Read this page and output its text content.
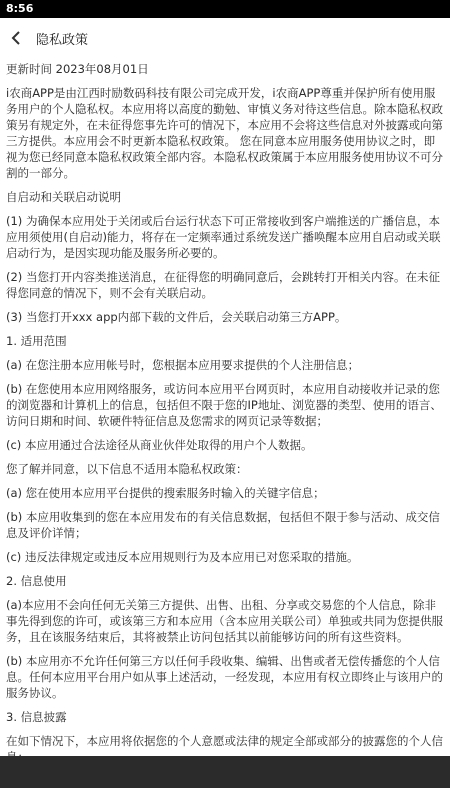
8:56
隐私政策

更新时间 2023年08月01日

i农商APP是由江西时励数码科技有限公司完成开发，i农商APP尊重并保护所有使用服务用户的个人隐私权。本应用将以高度的勤勉、审慎义务对待这些信息。除本隐私权政策另有规定外，在未征得您事先许可的情况下，本应用不会将这些信息对外披露或向第三方提供。本应用会不时更新本隐私权政策。 您在同意本应用服务使用协议之时，即视为您已经同意本隐私权政策全部内容。本隐私权政策属于本应用服务使用协议不可分割的一部分。

自启动和关联启动说明

(1) 为确保本应用处于关闭或后台运行状态下可正常接收到客户端推送的广播信息，本应用须使用(自启动)能力，将存在一定频率通过系统发送广播唤醒本应用自启动或关联启动行为，是因实现功能及服务所必要的。

(2) 当您打开内容类推送消息，在征得您的明确同意后，会跳转打开相关内容。在未征得您同意的情况下，则不会有关联启动。

(3) 当您打开xxx app内部下载的文件后，会关联启动第三方APP。

1. 适用范围

(a) 在您注册本应用帐号时，您根据本应用要求提供的个人注册信息；

(b) 在您使用本应用网络服务，或访问本应用平台网页时，本应用自动接收并记录的您的浏览器和计算机上的信息，包括但不限于您的IP地址、浏览器的类型、使用的语言、访问日期和时间、软硬件特征信息及您需求的网页记录等数据；

(c) 本应用通过合法途径从商业伙伴处取得的用户个人数据。

您了解并同意，以下信息不适用本隐私权政策：

(a) 您在使用本应用平台提供的搜索服务时输入的关键字信息；

(b) 本应用收集到的您在本应用发布的有关信息数据，包括但不限于参与活动、成交信息及评价详情；

(c) 违反法律规定或违反本应用规则行为及本应用已对您采取的措施。

2. 信息使用

(a)本应用不会向任何无关第三方提供、出售、出租、分享或交易您的个人信息，除非事先得到您的许可，或该第三方和本应用（含本应用关联公司）单独或共同为您提供服务，且在该服务结束后，其将被禁止访问包括其以前能够访问的所有这些资料。

(b) 本应用亦不允许任何第三方以任何手段收集、编辑、出售或者无偿传播您的个人信息。任何本应用平台用户如从事上述活动，一经发现，本应用有权立即终止与该用户的服务协议。

3. 信息披露

在如下情况下，本应用将依据您的个人意愿或法律的规定全部或部分的披露您的个人信
